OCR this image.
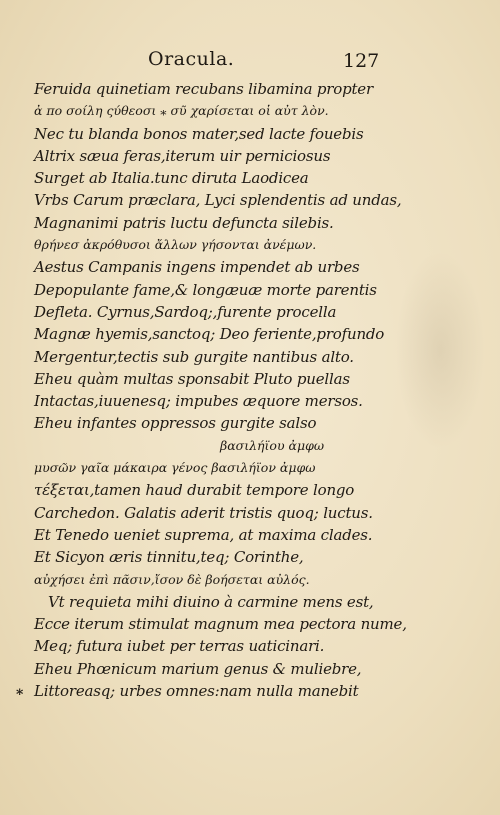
Oracula.	127
Feruida quinetiam recubans libamina propter
ἀ πο σοίλη ςύθεοσι ⁎ σῦ χαρίσεται οἱ αὐτ λὸν.
Nec tu blanda bonos mater,sed lacte fouebis
Altrix sæua feras,iterum uir perniciosus
Surget ab Italia.tunc diruta Laodicea
Vrbs Carum præclara, Lyci splendentis ad undas,
Magnanimi patris luctu defuncta silebis.
θρήνεσ ἀκρόθυσοι ἄλλων γήσονται ἀνέμων.
Aestus Campanis ingens impendet ab urbes
Depopulante fame,& longæuæ morte parentis
Defleta. Cyrnus,Sardoq;,furente procella
Magnæ hyemis,sanctoq; Deo feriente,profundo
Mergentur,tectis sub gurgite nantibus alto.
Eheu quàm multas sponsabit Pluto puellas
Intactas,iuuenesq; impubes æquore mersos.
Eheu infantes oppressos gurgite salso
βασιλήϊου ἀμφω
μυσῶν γαῖα μάκαιρα γένος βασιλήϊον ἀμφω
τέξεται,tamen haud durabit tempore longo
Carchedon. Galatis aderit tristis quoq; luctus.
Et Tenedo ueniet suprema, at maxima clades.
Et Sicyon æris tinnitu,teq; Corinthe,
αὐχήσει ἐπὶ πᾶσιν,ἴσον δὲ βοήσεται αὐλός.
Vt requieta mihi diuino à carmine mens est,
Ecce iterum stimulat magnum mea pectora nume,
Meq; futura iubet per terras uaticinari.
Eheu Phœnicum marium genus & muliebre,
⁎ Littoreasq; urbes omnes:nam nulla manebit
